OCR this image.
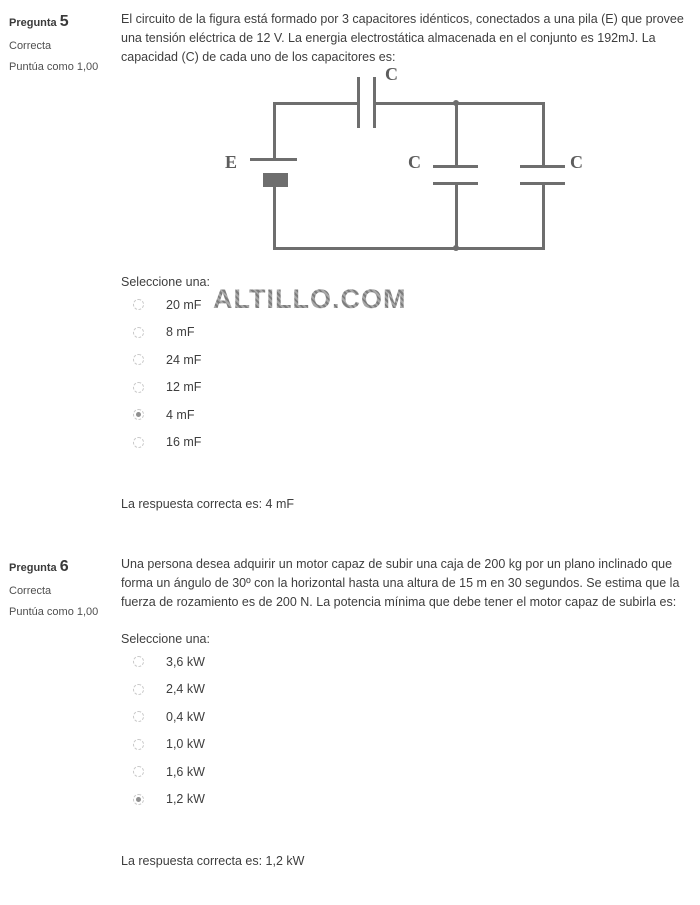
Pregunta 5
Correcta
Puntúa como 1,00

El circuito de la figura está formado por 3 capacitores idénticos, conectados a una pila (E) que provee una tensión eléctrica de 12 V. La energia electrostática almacenada en el conjunto es 192mJ. La capacidad (C) de cada uno de los capacitores es:

C
E	C	C
Seleccione una:
ALTILLO.COM
20 mF
8 mF
24 mF
12 mF
4 mF
16 mF
La respuesta correcta es: 4 mF
Pregunta 6
Correcta
Puntúa como 1,00

Una persona desea adquirir un motor capaz de subir una caja de 200 kg por un plano inclinado que forma un ángulo de 30º con la horizontal hasta una altura de 15 m en 30 segundos. Se estima que la fuerza de rozamiento es de 200 N. La potencia mínima que debe tener el motor capaz de subirla es:

Seleccione una:
3,6 kW
2,4 kW
0,4 kW
1,0 kW
1,6 kW
1,2 kW
La respuesta correcta es: 1,2 kW
